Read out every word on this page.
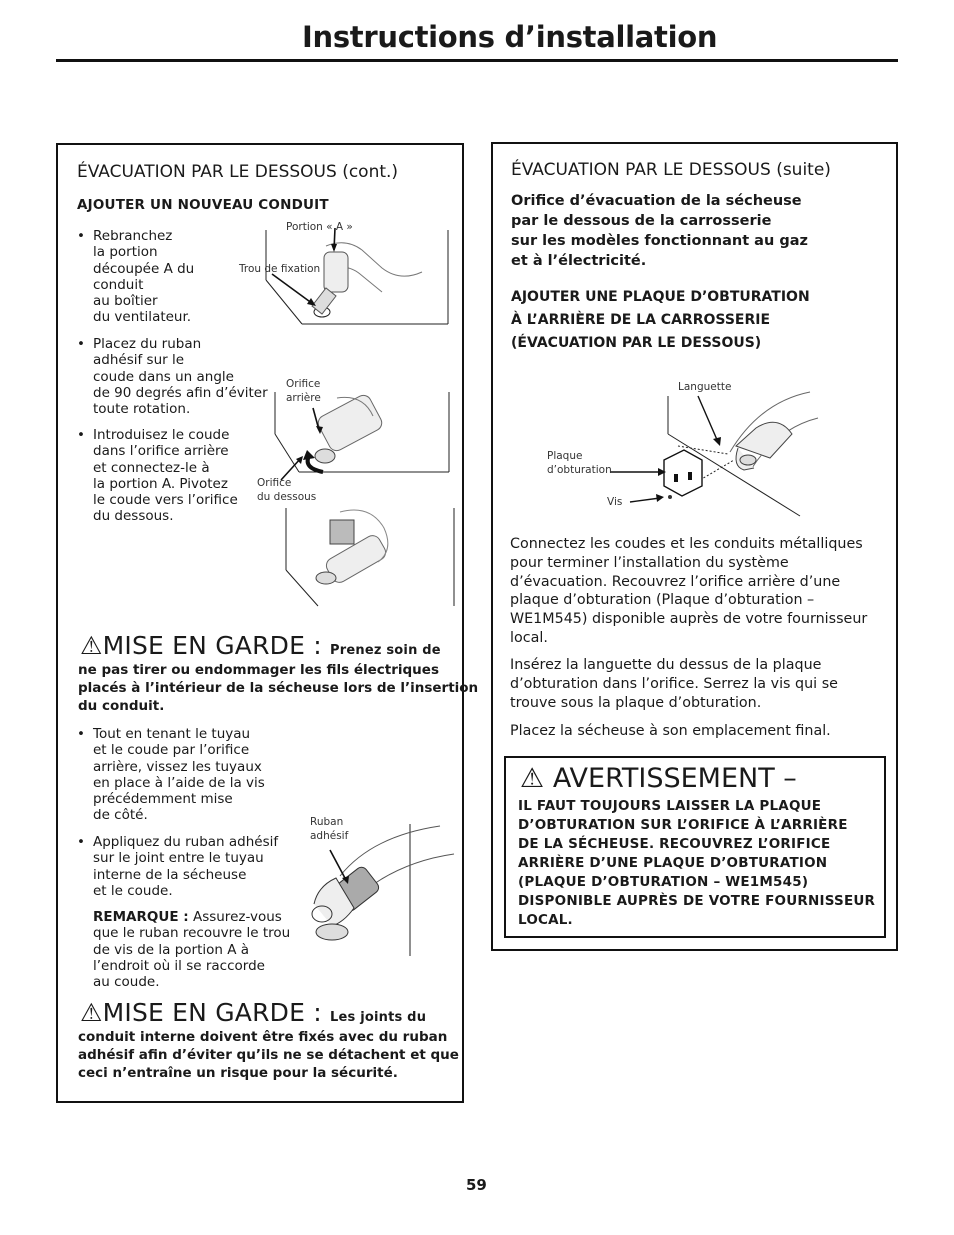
Instructions d’installation
ÉVACUATION PAR LE DESSOUS (cont.)
AJOUTER UN NOUVEAU CONDUIT
• Rebranchez
la portion
découpée A du
conduit
au boîtier
du ventilateur.
• Placez du ruban
adhésif sur le
coude dans un angle
de 90 degrés afin d’éviter
toute rotation.
• Introduisez le coude
dans l’orifice arrière
et connectez-le à
la portion A. Pivotez
le coude vers l’orifice
du dessous.
Portion « A »
Trou de fixation
Orifice
arrière
Orifice
du dessous
⚠MISE EN GARDE : Prenez soin de
ne pas tirer ou endommager les fils électriques
placés à l’intérieur de la sécheuse lors de l’insertion
du conduit.
• Tout en tenant le tuyau
et le coude par l’orifice
arrière, vissez les tuyaux
en place à l’aide de la vis
précédemment mise
de côté.
• Appliquez du ruban adhésif
sur le joint entre le tuyau
interne de la sécheuse
et le coude.
Ruban
adhésif
REMARQUE : Assurez-vous
que le ruban recouvre le trou
de vis de la portion A à
l’endroit où il se raccorde
au coude.
⚠MISE EN GARDE : Les joints du
conduit interne doivent être fixés avec du ruban
adhésif afin d’éviter qu’ils ne se détachent et que
ceci n’entraîne un risque pour la sécurité.
ÉVACUATION PAR LE DESSOUS (suite)
Orifice d’évacuation de la sécheuse
par le dessous de la carrosserie
sur les modèles fonctionnant au gaz
et à l’électricité.
AJOUTER UNE PLAQUE D’OBTURATION
À L’ARRIÈRE DE LA CARROSSERIE
(ÉVACUATION PAR LE DESSOUS)
Languette
Plaque
d’obturation
Vis
Connectez les coudes et les conduits métalliques
pour terminer l’installation du système
d’évacuation. Recouvrez l’orifice arrière d’une
plaque d’obturation (Plaque d’obturation –
WE1M545) disponible auprès de votre fournisseur
local.
Insérez la languette du dessus de la plaque
d’obturation dans l’orifice. Serrez la vis qui se
trouve sous la plaque d’obturation.
Placez la sécheuse à son emplacement final.
⚠ AVERTISSEMENT –
IL FAUT TOUJOURS LAISSER LA PLAQUE
D’OBTURATION SUR L’ORIFICE À L’ARRIÈRE
DE LA SÉCHEUSE. RECOUVREZ L’ORIFICE
ARRIÈRE D’UNE PLAQUE D’OBTURATION
(PLAQUE D’OBTURATION – WE1M545)
DISPONIBLE AUPRÈS DE VOTRE FOURNISSEUR
LOCAL.
59
